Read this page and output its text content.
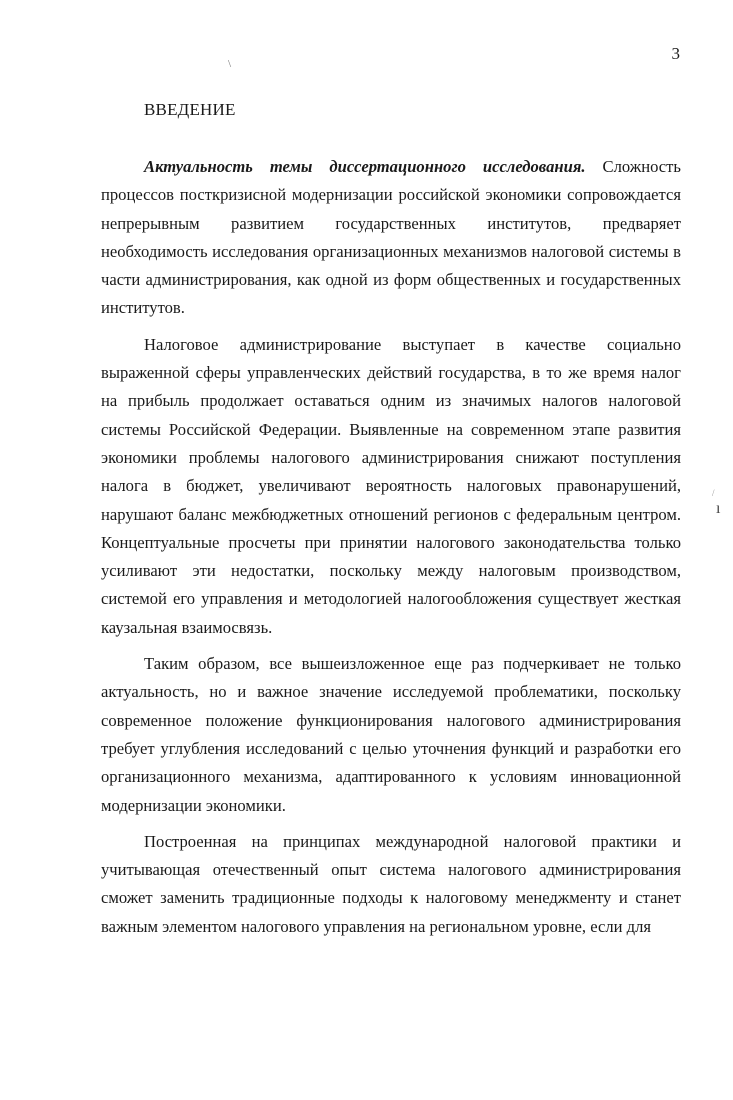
\
/
ı
3
ВВЕДЕНИЕ

Актуальность темы диссертационного исследования. Сложность процессов посткризисной модернизации российской экономики сопровождается непрерывным развитием государственных институтов, предваряет необходимость исследования организационных механизмов налоговой системы в части администрирования, как одной из форм общественных и государственных институтов.

Налоговое администрирование выступает в качестве социально выраженной сферы управленческих действий государства, в то же время налог на прибыль продолжает оставаться одним из значимых налогов налоговой системы Российской Федерации. Выявленные на современном этапе развития экономики проблемы налогового администрирования снижают поступления налога в бюджет, увеличивают вероятность налоговых правонарушений, нарушают баланс межбюджетных отношений регионов с федеральным центром. Концептуальные просчеты при принятии налогового законодательства только усиливают эти недостатки, поскольку между налоговым производством, системой его управления и методологией налогообложения существует жесткая каузальная взаимосвязь.

Таким образом, все вышеизложенное еще раз подчеркивает не только актуальность, но и важное значение исследуемой проблематики, поскольку современное положение функционирования налогового администрирования требует углубления исследований с целью уточнения функций и разработки его организационного механизма, адаптированного к условиям инновационной модернизации экономики.

Построенная на принципах международной налоговой практики и учитывающая отечественный опыт система налогового администрирования сможет заменить традиционные подходы к налоговому менеджменту и станет важным элементом налогового управления на региональном уровне, если для
